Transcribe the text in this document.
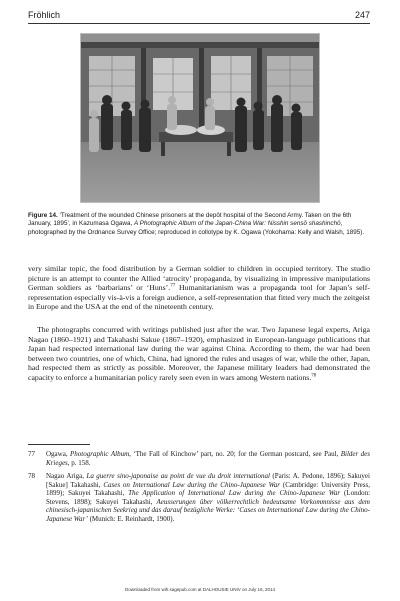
Fröhlich	247
Figure 14. ‘Treatment of the wounded Chinese prisoners at the depôt hospital of the Second Army. Taken on the 6th January, 1895’, in Kazumasa Ogawa, A Photographic Album of the Japan-China War: Nisshin sensō shashinchō, photographed by the Ordnance Survey Office; reproduced in collotype by K. Ogawa (Yokohama: Kelly and Walsh, 1895).

very similar topic, the food distribution by a German soldier to children in occupied territory. The studio picture is an attempt to counter the Allied ‘atrocity’ propaganda, by visualizing in impressive manipulations German soldiers as ‘barbarians’ or ‘Huns’.$^{77}$ Humanitarianism was a propaganda tool for Japan’s self-representation especially vis-à-vis a foreign audience, a self-representation that fitted very much the zeitgeist in Europe and the USA at the end of the nineteenth century.

The photographs concurred with writings published just after the war. Two Japanese legal experts, Ariga Nagao (1860–1921) and Takahashi Sakue (1867–1920), emphasized in European-language publications that Japan had respected international law during the war against China. According to them, the war had been between two countries, one of which, China, had ignored the rules and usages of war, while the other, Japan, had respected them as strictly as possible. Moreover, the Japanese military leaders had demonstrated the capacity to enforce a humanitarian policy rarely seen even in wars among Western nations.$^{78}$

77 Ogawa, Photographic Album, ‘The Fall of Kinchow’ part, no. 20; for the German postcard, see Paul, Bilder des Krieges, p. 158.
78 Nagao Ariga, La guerre sino-japonaise au point de vue du droit international (Paris: A. Pedone, 1896); Sakuyei [Sakue] Takahashi, Cases on International Law during the Chino-Japanese War (Cambridge: University Press, 1899); Sakuyei Takahashi, The Application of International Law during the Chino-Japanese War (London: Stevens, 1898); Sakuyei Takahashi, Aeusserungen über völkerrechtlich bedeutsame Vorkommnisse aus dem chinesisch-japanischen Seekrieg und das darauf bezügliche Werke: ‘Cases on International Law during the Chino-Japanese War’ (Munich: E. Reinhardt, 1900).
Downloaded from wih.sagepub.com at DALHOUSIE UNIV on July 16, 2014
